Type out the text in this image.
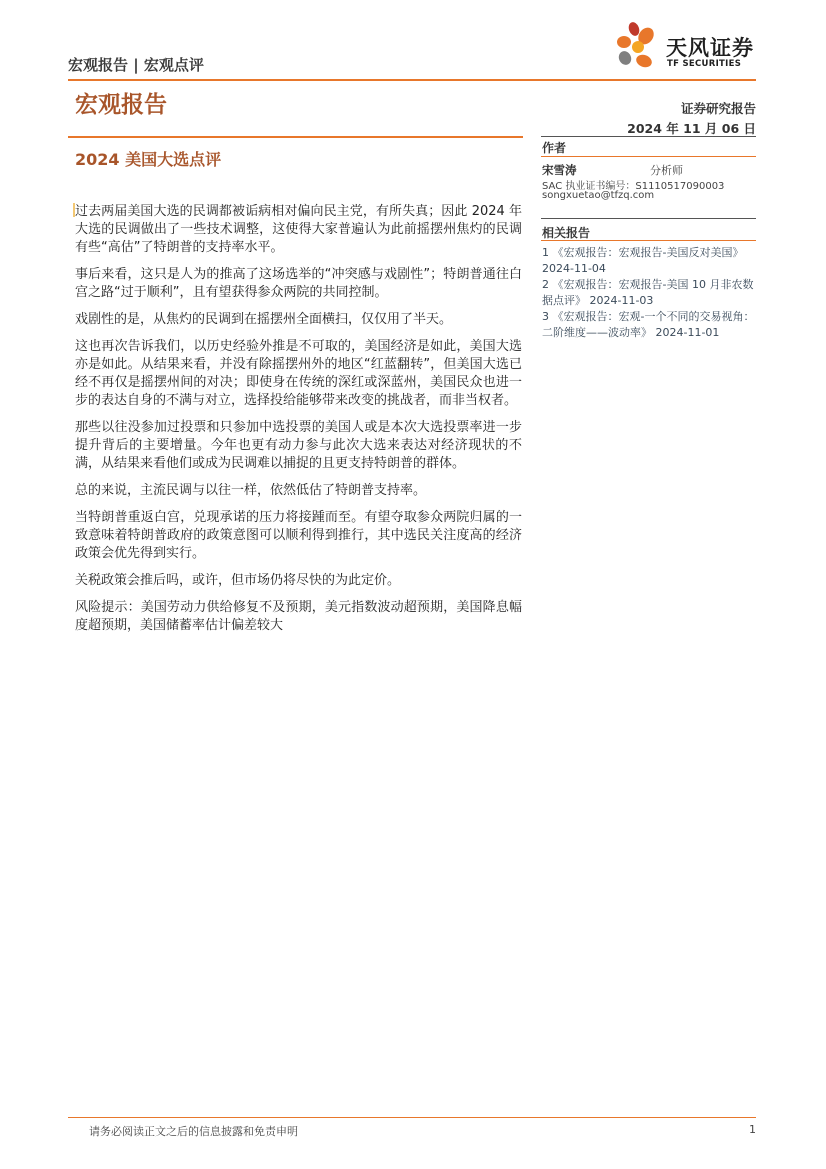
宏观报告 | 宏观点评
宏观报告
天风证券
TF SECURITIES
证券研究报告
2024 年 11 月 06 日
2024 美国大选点评
作者
宋雪涛	分析师
SAC 执业证书编号：S1110517090003
songxuetao@tfzq.com
相关报告
1 《宏观报告：宏观报告-美国反对美国》 2024-11-04
2 《宏观报告：宏观报告-美国 10 月非农数据点评》 2024-11-03
3 《宏观报告：宏观-一个不同的交易视角：二阶维度——波动率》 2024-11-01

过去两届美国大选的民调都被诟病相对偏向民主党，有所失真；因此 2024 年大选的民调做出了一些技术调整，这使得大家普遍认为此前摇摆州焦灼的民调有些“高估”了特朗普的支持率水平。

事后来看，这只是人为的推高了这场选举的“冲突感与戏剧性”；特朗普通往白宫之路“过于顺利”，且有望获得参众两院的共同控制。

戏剧性的是，从焦灼的民调到在摇摆州全面横扫，仅仅用了半天。

这也再次告诉我们，以历史经验外推是不可取的，美国经济是如此，美国大选亦是如此。从结果来看，并没有除摇摆州外的地区“红蓝翻转”，但美国大选已经不再仅是摇摆州间的对决；即使身在传统的深红或深蓝州，美国民众也进一步的表达自身的不满与对立，选择投给能够带来改变的挑战者，而非当权者。

那些以往没参加过投票和只参加中选投票的美国人或是本次大选投票率进一步提升背后的主要增量。今年也更有动力参与此次大选来表达对经济现状的不满，从结果来看他们或成为民调难以捕捉的且更支持特朗普的群体。

总的来说，主流民调与以往一样，依然低估了特朗普支持率。

当特朗普重返白宫，兑现承诺的压力将接踵而至。有望夺取参众两院归属的一致意味着特朗普政府的政策意图可以顺利得到推行，其中选民关注度高的经济政策会优先得到实行。

关税政策会推后吗，或许，但市场仍将尽快的为此定价。

风险提示：美国劳动力供给修复不及预期，美元指数波动超预期，美国降息幅度超预期，美国储蓄率估计偏差较大

请务必阅读正文之后的信息披露和免责申明	1
